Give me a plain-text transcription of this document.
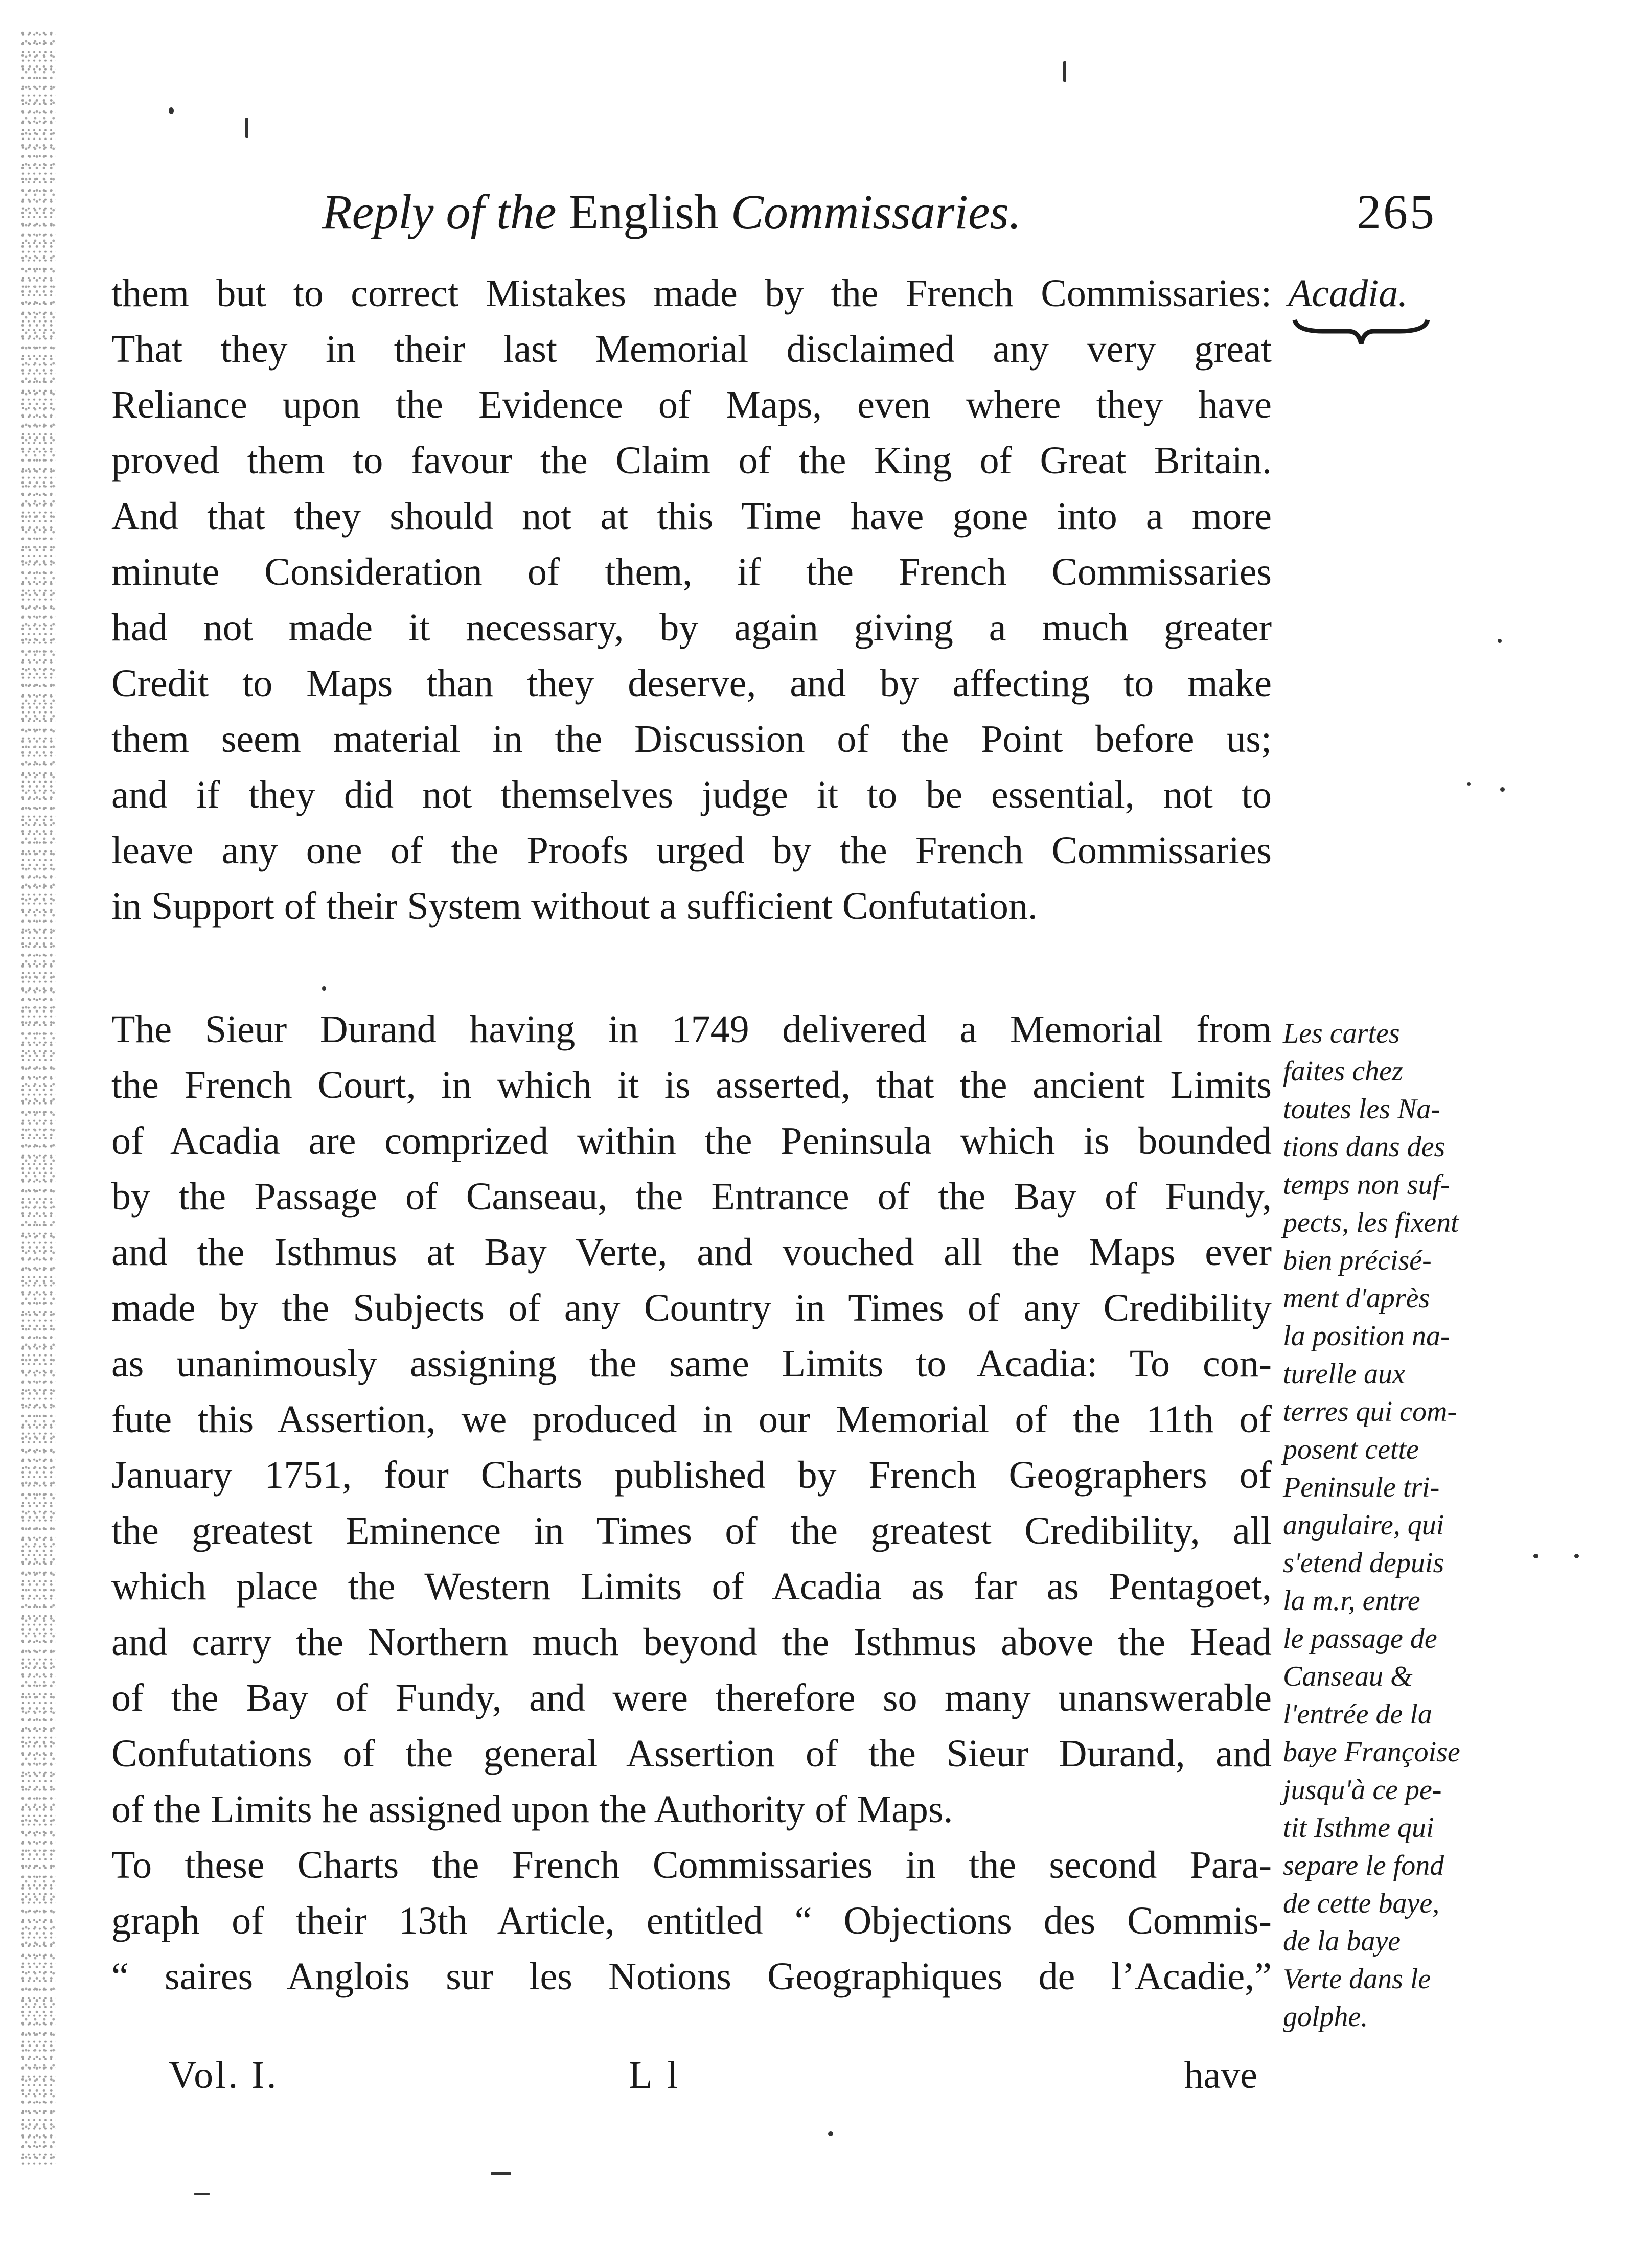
Reply of the English Commissaries.	265
Acadia.
them but to correct Mistakes made by the French Commissaries:
That they in their last Memorial disclaimed any very great
Reliance upon the Evidence of Maps, even where they have
proved them to favour the Claim of the King of Great Britain.
And that they should not at this Time have gone into a more
minute Consideration of them, if the French Commissaries
had not made it necessary, by again giving a much greater
Credit to Maps than they deserve, and by affecting to make
them seem material in the Discussion of the Point before us;
and if they did not themselves judge it to be essential, not to
leave any one of the Proofs urged by the French Commissaries
in Support of their System without a sufficient Confutation.
The Sieur Durand having in 1749 delivered a Memorial from
the French Court, in which it is asserted, that the ancient Limits
of Acadia are comprized within the Peninsula which is bounded
by the Passage of Canseau, the Entrance of the Bay of Fundy,
and the Isthmus at Bay Verte, and vouched all the Maps ever
made by the Subjects of any Country in Times of any Credibility
as unanimously assigning the same Limits to Acadia: To con-
fute this Assertion, we produced in our Memorial of the 11th of
January 1751, four Charts published by French Geographers of
the greatest Eminence in Times of the greatest Credibility, all
which place the Western Limits of Acadia as far as Pentagoet,
and carry the Northern much beyond the Isthmus above the Head
of the Bay of Fundy, and were therefore so many unanswerable
Confutations of the general Assertion of the Sieur Durand, and
of the Limits he assigned upon the Authority of Maps.
To these Charts the French Commissaries in the second Para-
graph of their 13th Article, entitled “ Objections des Commis-
“ saires Anglois sur les Notions Geographiques de l’Acadie,”
Les cartes
faites chez
toutes les Na-
tions dans des
temps non suf-
pects, les fixent
bien précisé-
ment d'après
la position na-
turelle aux
terres qui com-
posent cette
Peninsule tri-
angulaire, qui
s'etend depuis
la m.r, entre
le passage de
Canseau &
l'entrée de la
baye Françoise
jusqu'à ce pe-
tit Isthme qui
separe le fond
de cette baye,
de la baye
Verte dans le
golphe.
Vol. I.	L l	have
